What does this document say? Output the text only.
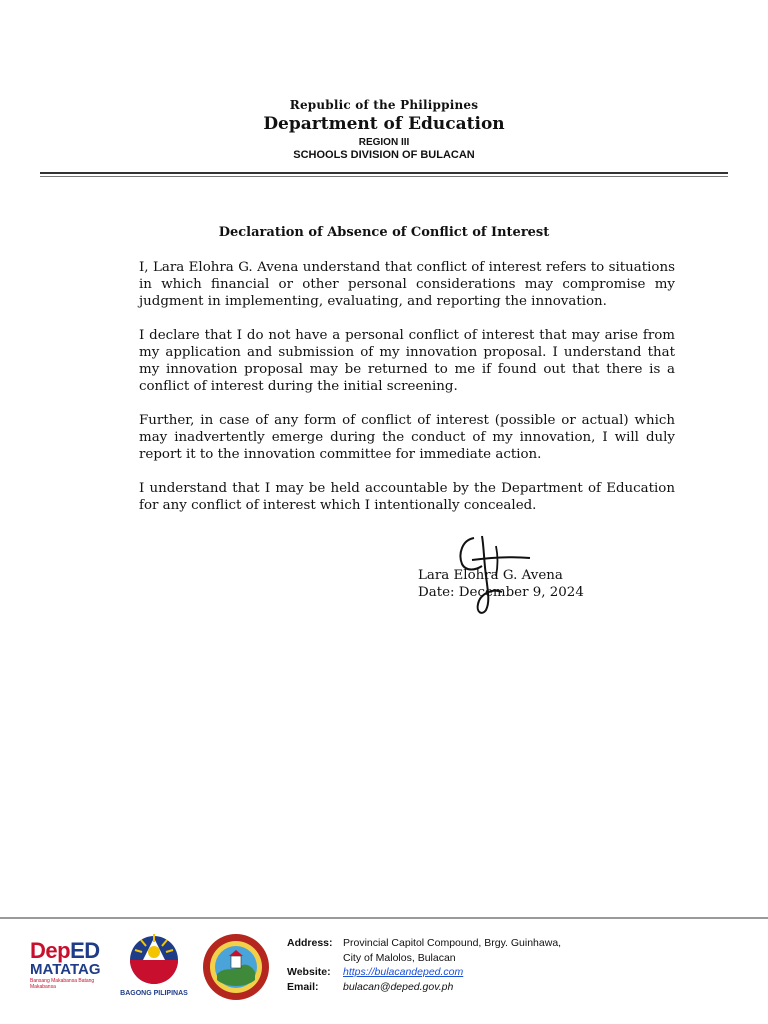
Republic of the Philippines
Department of Education
REGION III
SCHOOLS DIVISION OF BULACAN
Declaration of Absence of Conflict of Interest

I, Lara Elohra G. Avena understand that conflict of interest refers to situations in which financial or other personal considerations may compromise my judgment in implementing, evaluating, and reporting the innovation.

I declare that I do not have a personal conflict of interest that may arise from my application and submission of my innovation proposal. I understand that my innovation proposal may be returned to me if found out that there is a conflict of interest during the initial screening.

Further, in case of any form of conflict of interest (possible or actual) which may inadvertently emerge during the conduct of my innovation, I will duly report it to the innovation committee for immediate action.

I understand that I may be held accountable by the Department of Education for any conflict of interest which I intentionally concealed.

Lara Elohra G. Avena
Date: December 9, 2024
DepED
MATATAG
Bansang Makabansa Batang Makabansa
BAGONG PILIPINAS
Address: Provincial Capitol Compound, Brgy. Guinhawa,
City of Malolos, Bulacan
Website:	https://bulacandeped.com
Email:	bulacan@deped.gov.ph
